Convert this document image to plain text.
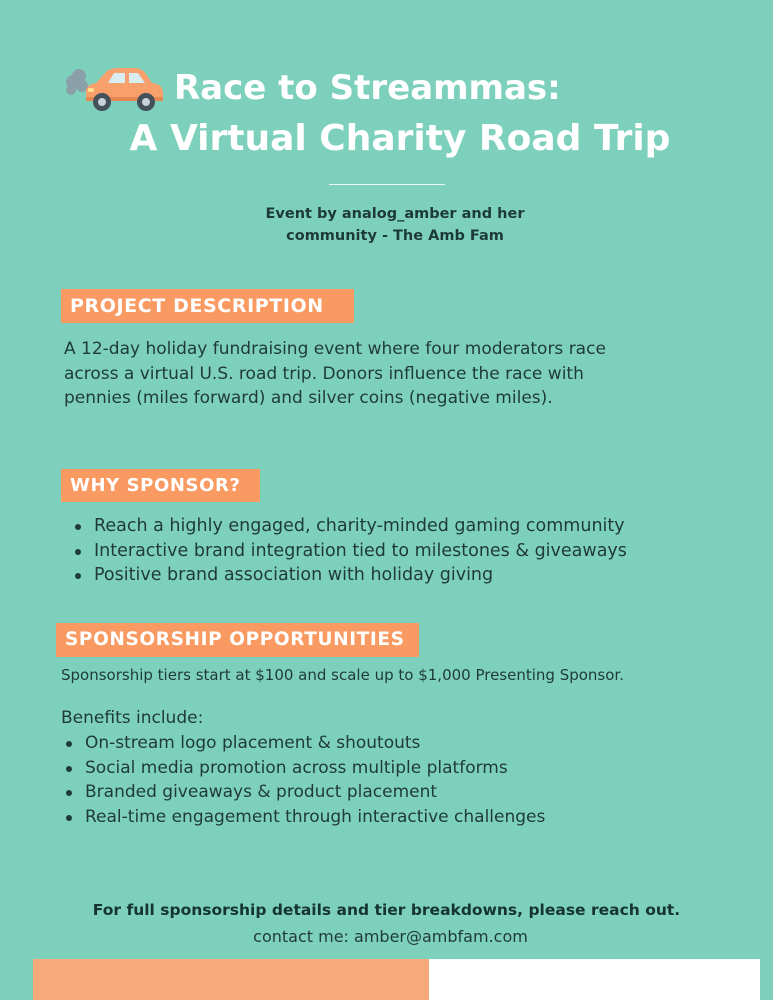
Race to Streammas:
A Virtual Charity Road Trip
Event by analog_amber and her
community - The Amb Fam
PROJECT DESCRIPTION
A 12-day holiday fundraising event where four moderators race across a virtual U.S. road trip. Donors influence the race with pennies (miles forward) and silver coins (negative miles).
WHY SPONSOR?
Reach a highly engaged, charity-minded gaming community
Interactive brand integration tied to milestones & giveaways
Positive brand association with holiday giving
SPONSORSHIP OPPORTUNITIES
Sponsorship tiers start at $100 and scale up to $1,000 Presenting Sponsor.
Benefits include:
On-stream logo placement & shoutouts
Social media promotion across multiple platforms
Branded giveaways & product placement
Real-time engagement through interactive challenges
For full sponsorship details and tier breakdowns, please reach out.
contact me: amber@ambfam.com
